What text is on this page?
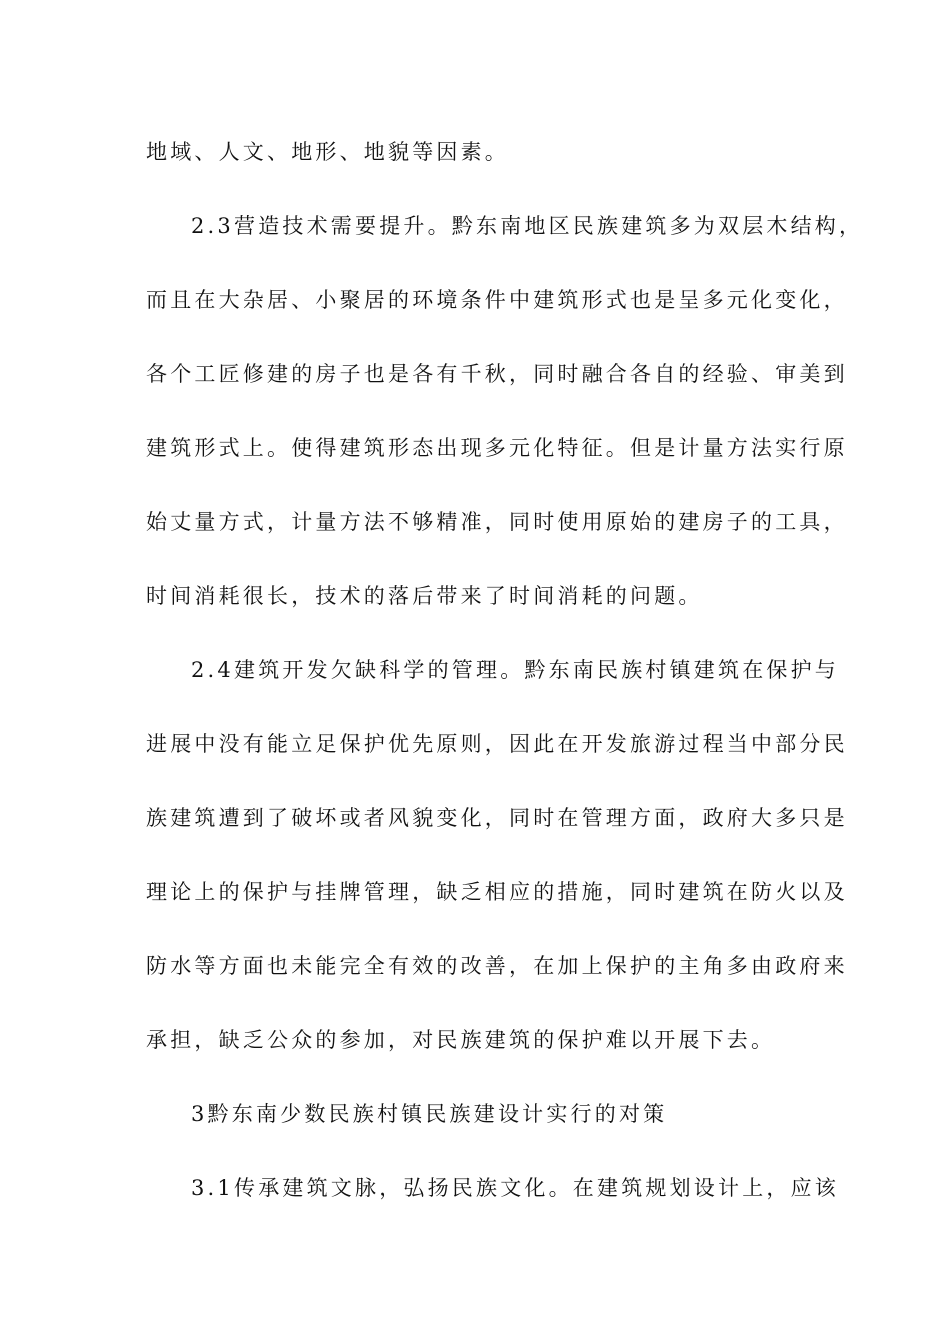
地域、人文、地形、地貌等因素。
2.3营造技术需要提升。黔东南地区民族建筑多为双层木结构，
而且在大杂居、小聚居的环境条件中建筑形式也是呈多元化变化，
各个工匠修建的房子也是各有千秋，同时融合各自的经验、审美到
建筑形式上。使得建筑形态出现多元化特征。但是计量方法实行原
始丈量方式，计量方法不够精准，同时使用原始的建房子的工具，
时间消耗很长，技术的落后带来了时间消耗的问题。
2.4建筑开发欠缺科学的管理。黔东南民族村镇建筑在保护与
进展中没有能立足保护优先原则，因此在开发旅游过程当中部分民
族建筑遭到了破坏或者风貌变化，同时在管理方面，政府大多只是
理论上的保护与挂牌管理，缺乏相应的措施，同时建筑在防火以及
防水等方面也未能完全有效的改善，在加上保护的主角多由政府来
承担，缺乏公众的参加，对民族建筑的保护难以开展下去。
3黔东南少数民族村镇民族建设计实行的对策
3.1传承建筑文脉，弘扬民族文化。在建筑规划设计上，应该
